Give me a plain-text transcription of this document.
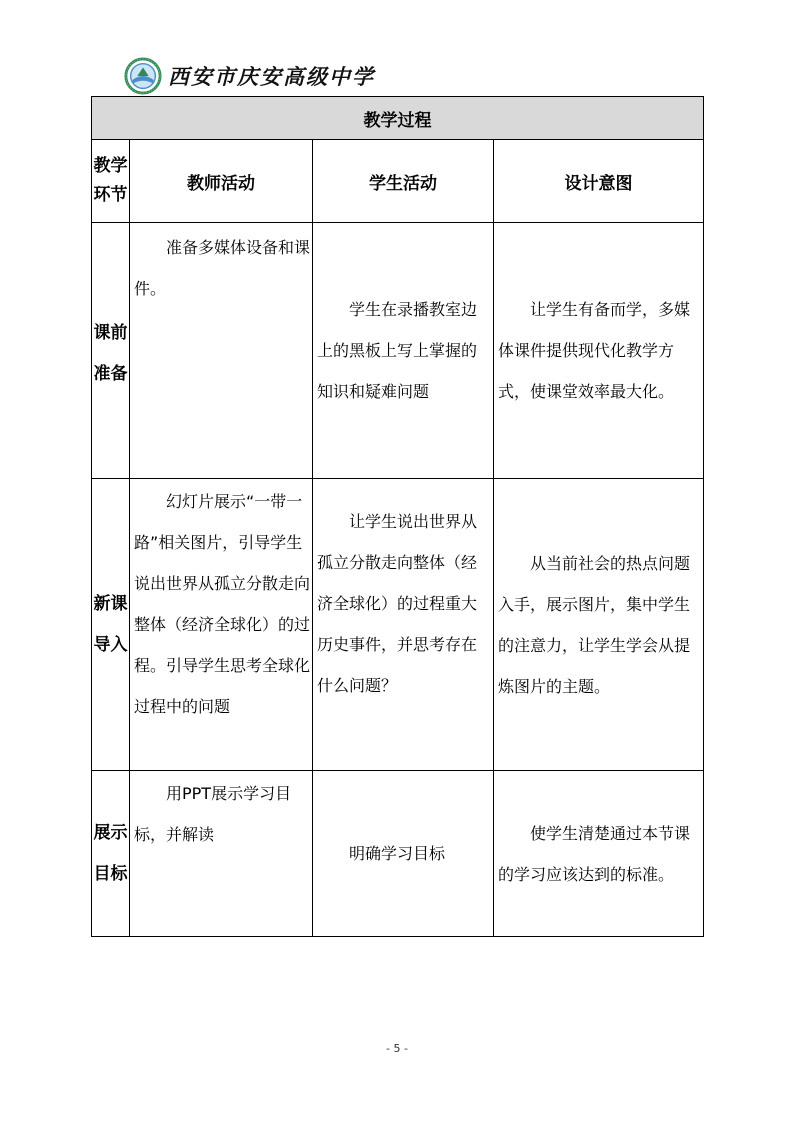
西安市庆安高级中学
教学过程			
教学环节	教师活动	学生活动	设计意图
课前准备	准备多媒体设备和课件。	学生在录播教室边上的黑板上写上掌握的知识和疑难问题	让学生有备而学，多媒体课件提供现代化教学方式，使课堂效率最大化。

新课导入	幻灯片展示“一带一路”相关图片，引导学生说出世界从孤立分散走向整体（经济全球化）的过程。引导学生思考全球化过程中的问题	让学生说出世界从孤立分散走向整体（经济全球化）的过程重大历史事件，并思考存在什么问题？	从当前社会的热点问题入手，展示图片，集中学生的注意力，让学生学会从提炼图片的主题。

展示目标	用PPT展示学习目标，并解读	明确学习目标	使学生清楚通过本节课的学习应该达到的标准。

- 5 -
